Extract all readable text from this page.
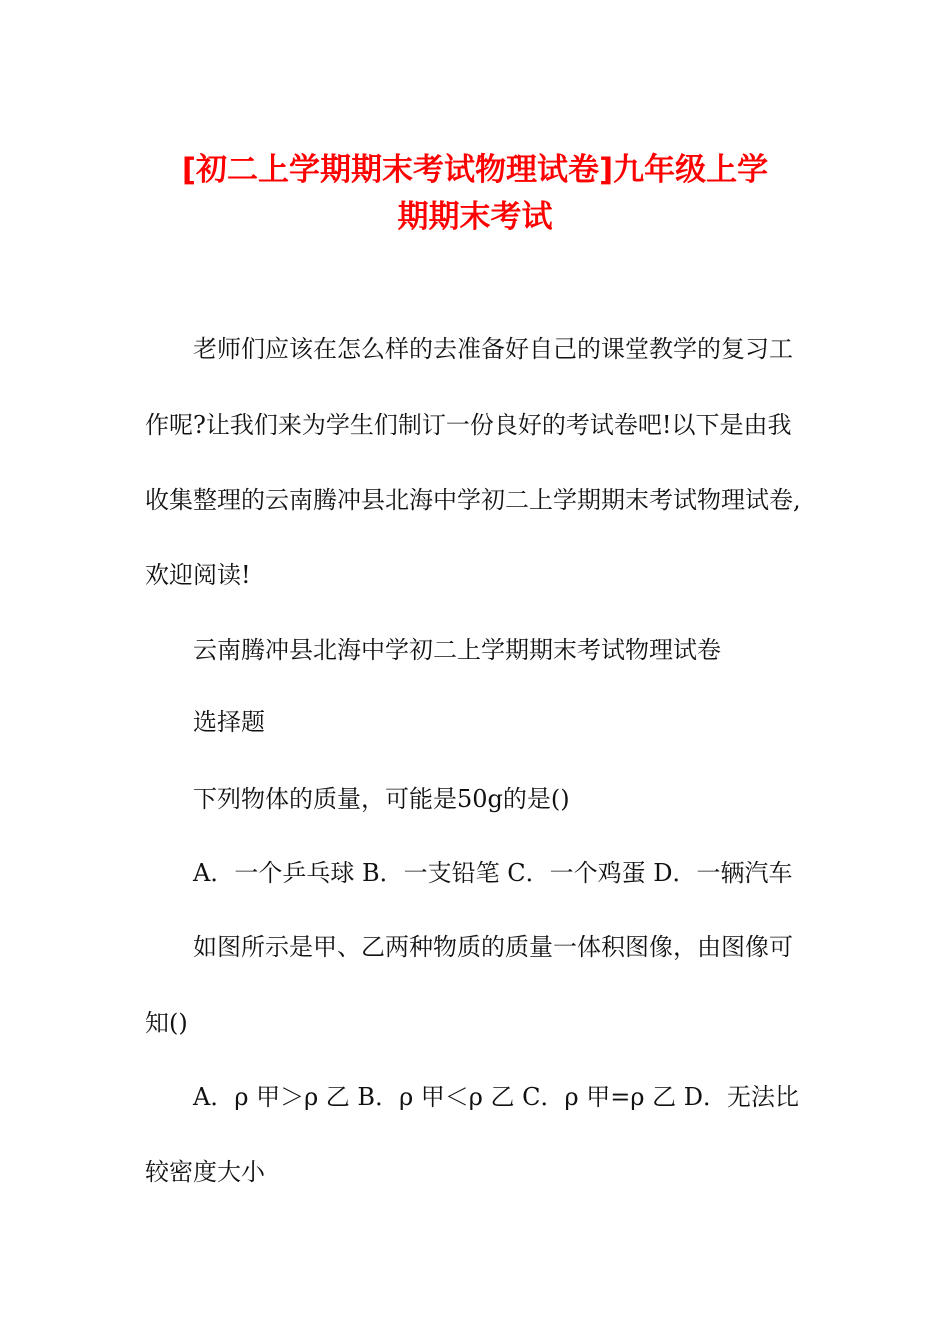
[初二上学期期末考试物理试卷]九年级上学
期期末考试
老师们应该在怎么样的去准备好自己的课堂教学的复习工
作呢?让我们来为学生们制订一份良好的考试卷吧!以下是由我
收集整理的云南腾冲县北海中学初二上学期期末考试物理试卷,
欢迎阅读!
云南腾冲县北海中学初二上学期期末考试物理试卷
选择题
下列物体的质量，可能是50g的是()
A．一个乒乓球 B．一支铅笔 C．一个鸡蛋 D．一辆汽车
如图所示是甲、乙两种物质的质量一体积图像，由图像可
知()
A．ρ 甲＞ρ 乙 B．ρ 甲＜ρ 乙 C．ρ 甲=ρ 乙 D．无法比
较密度大小
